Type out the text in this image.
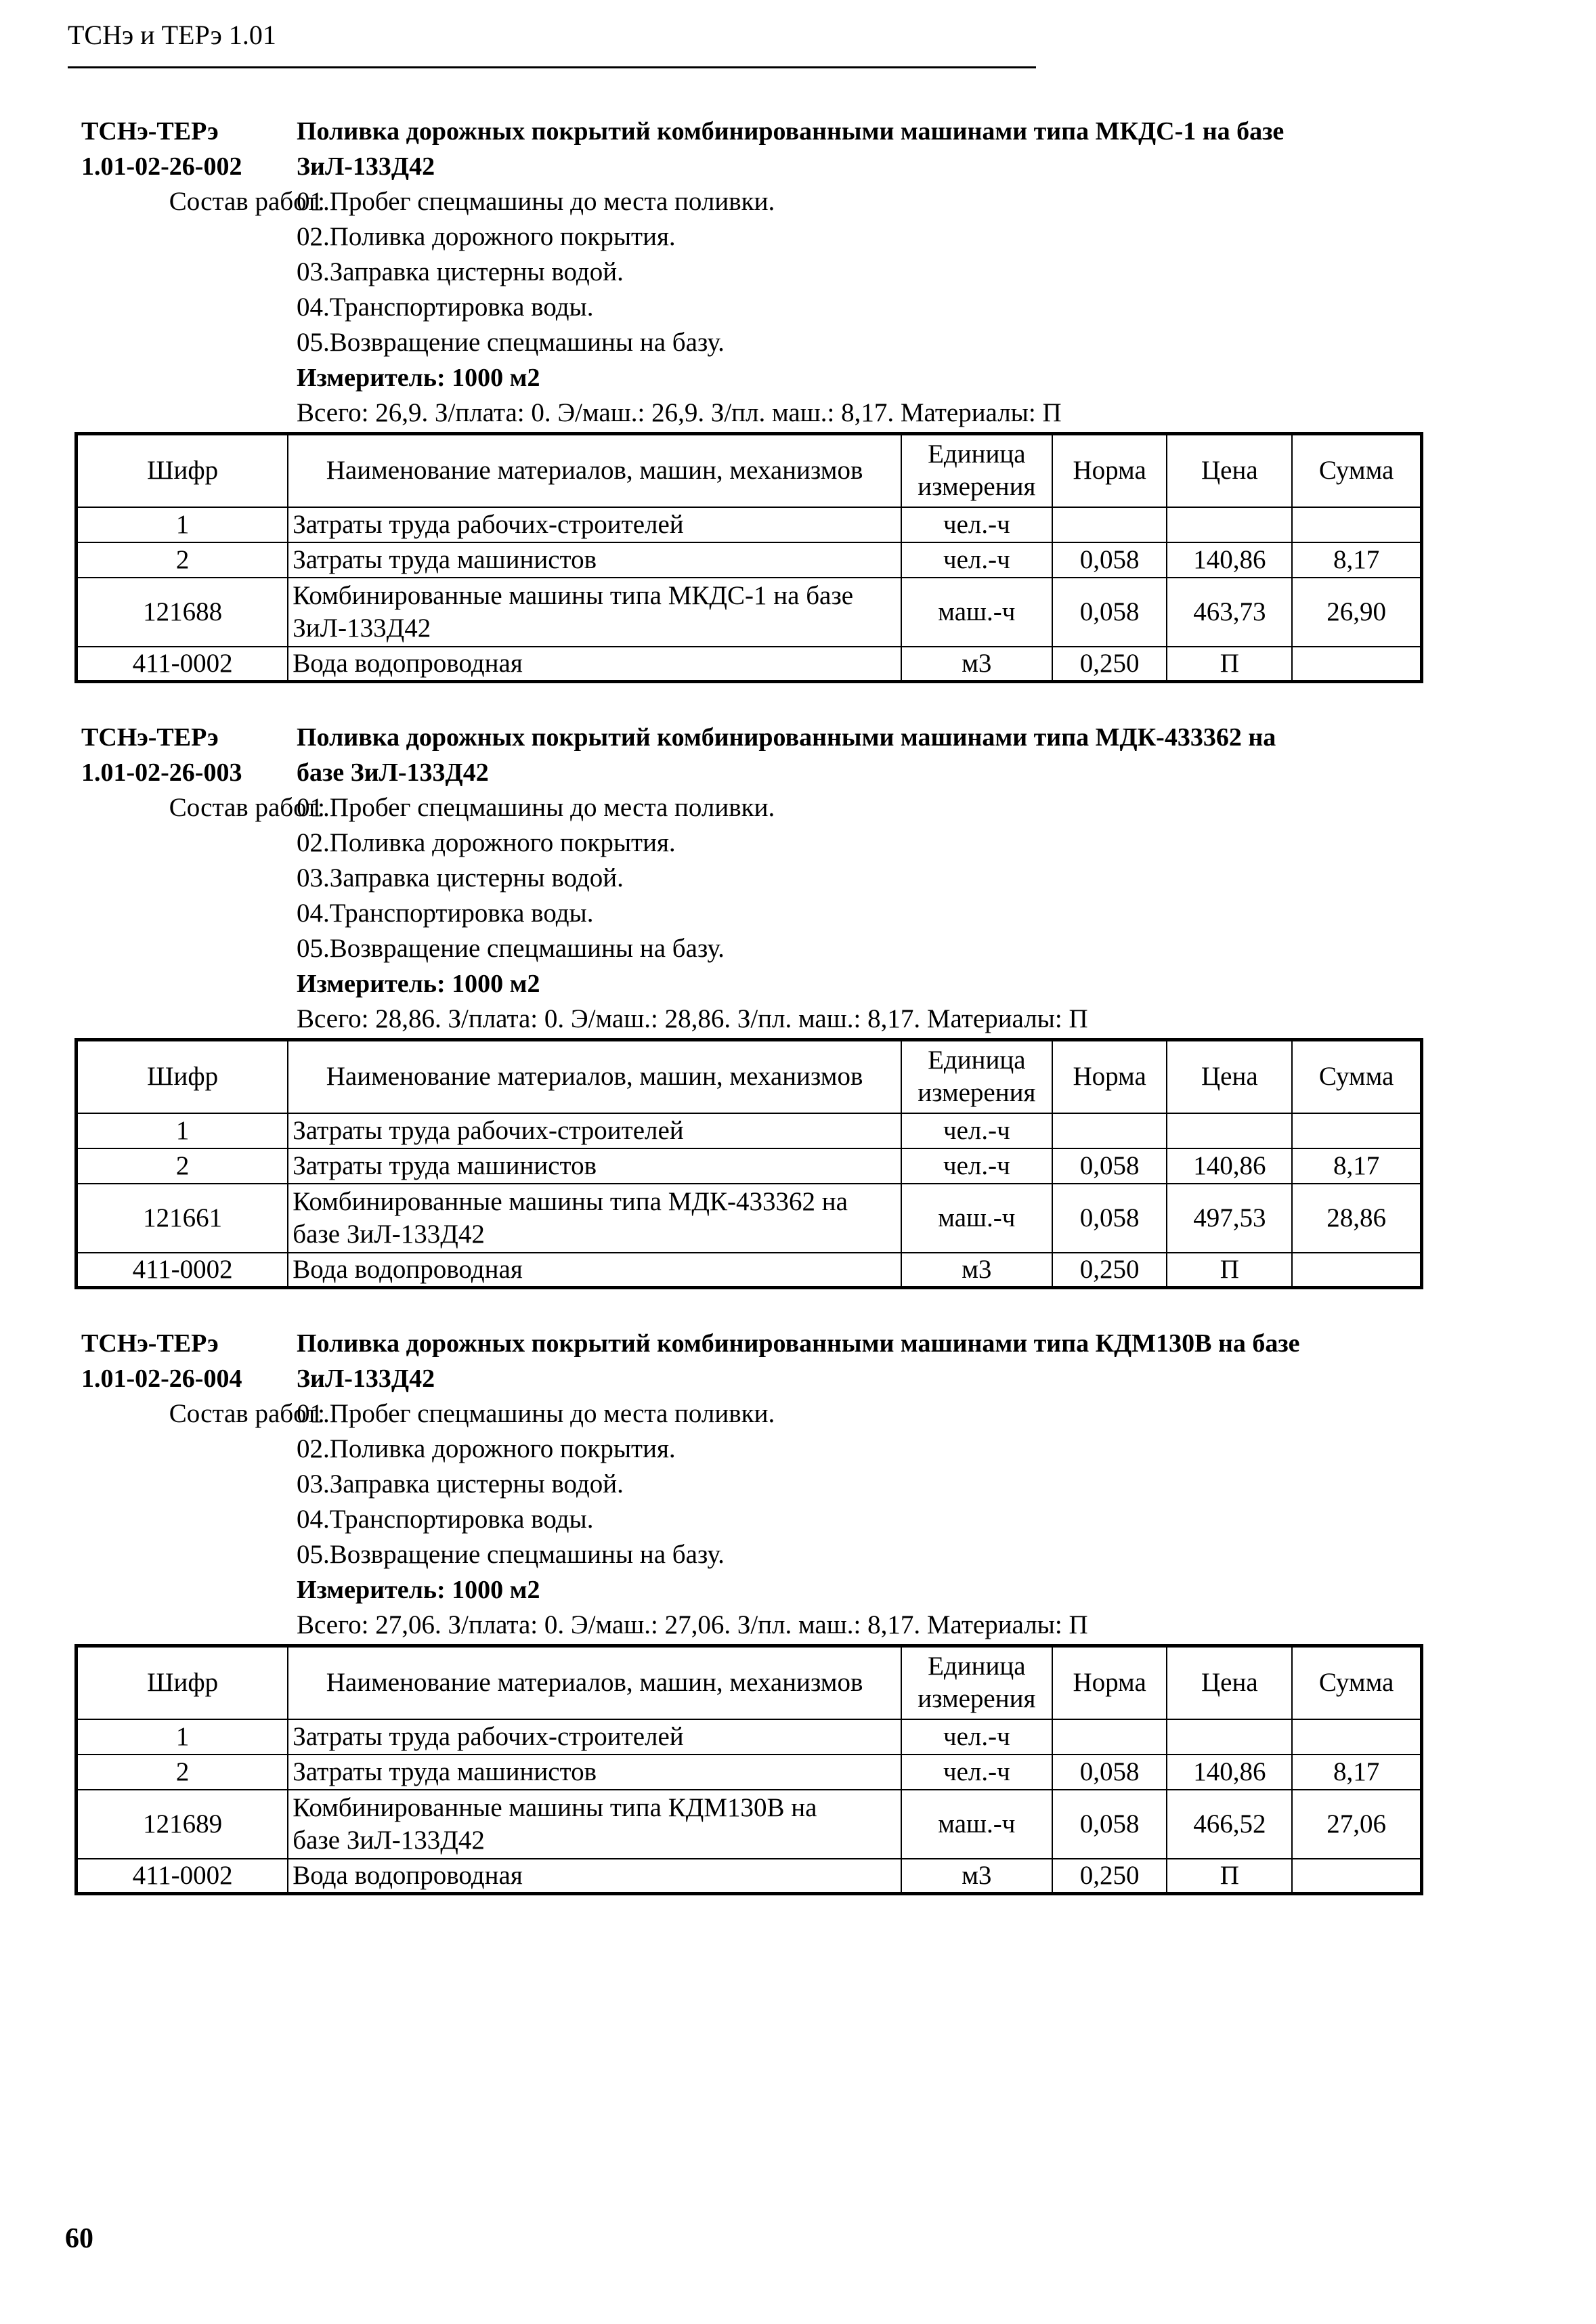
ТСНэ и ТЕРэ 1.01
ТСНэ-ТЕРэ	Поливка дорожных покрытий комбинированными машинами типа МКДС-1 на базе
1.01-02-26-002	ЗиЛ-133Д42
Состав работ:
01.Пробег спецмашины до места поливки.
02.Поливка дорожного покрытия.
03.Заправка цистерны водой.
04.Транспортировка воды.
05.Возвращение спецмашины на базу.
Измеритель: 1000 м2
Всего: 26,9. З/плата: 0. Э/маш.: 26,9. З/пл. маш.: 8,17. Материалы: П
Шифр	Наименование материалов, машин, механизмов	Единица
измерения	Норма	Цена	Сумма
1	Затраты труда рабочих-строителей	чел.-ч			
2	Затраты труда машинистов	чел.-ч	0,058	140,86	8,17
121688	Комбинированные машины типа МКДС-1 на базе
ЗиЛ-133Д42	маш.-ч	0,058	463,73	26,90
411-0002	Вода водопроводная	м3	0,250	П	
ТСНэ-ТЕРэ	Поливка дорожных покрытий комбинированными машинами типа МДК-433362 на
1.01-02-26-003	базе ЗиЛ-133Д42
Состав работ:
01.Пробег спецмашины до места поливки.
02.Поливка дорожного покрытия.
03.Заправка цистерны водой.
04.Транспортировка воды.
05.Возвращение спецмашины на базу.
Измеритель: 1000 м2
Всего: 28,86. З/плата: 0. Э/маш.: 28,86. З/пл. маш.: 8,17. Материалы: П
Шифр	Наименование материалов, машин, механизмов	Единица
измерения	Норма	Цена	Сумма
1	Затраты труда рабочих-строителей	чел.-ч			
2	Затраты труда машинистов	чел.-ч	0,058	140,86	8,17
121661	Комбинированные машины типа МДК-433362 на
базе ЗиЛ-133Д42	маш.-ч	0,058	497,53	28,86
411-0002	Вода водопроводная	м3	0,250	П	
ТСНэ-ТЕРэ	Поливка дорожных покрытий комбинированными машинами типа КДМ130В на базе
1.01-02-26-004	ЗиЛ-133Д42
Состав работ:
01.Пробег спецмашины до места поливки.
02.Поливка дорожного покрытия.
03.Заправка цистерны водой.
04.Транспортировка воды.
05.Возвращение спецмашины на базу.
Измеритель: 1000 м2
Всего: 27,06. З/плата: 0. Э/маш.: 27,06. З/пл. маш.: 8,17. Материалы: П
Шифр	Наименование материалов, машин, механизмов	Единица
измерения	Норма	Цена	Сумма
1	Затраты труда рабочих-строителей	чел.-ч			
2	Затраты труда машинистов	чел.-ч	0,058	140,86	8,17
121689	Комбинированные машины типа КДМ130В на
базе ЗиЛ-133Д42	маш.-ч	0,058	466,52	27,06
411-0002	Вода водопроводная	м3	0,250	П	
60
